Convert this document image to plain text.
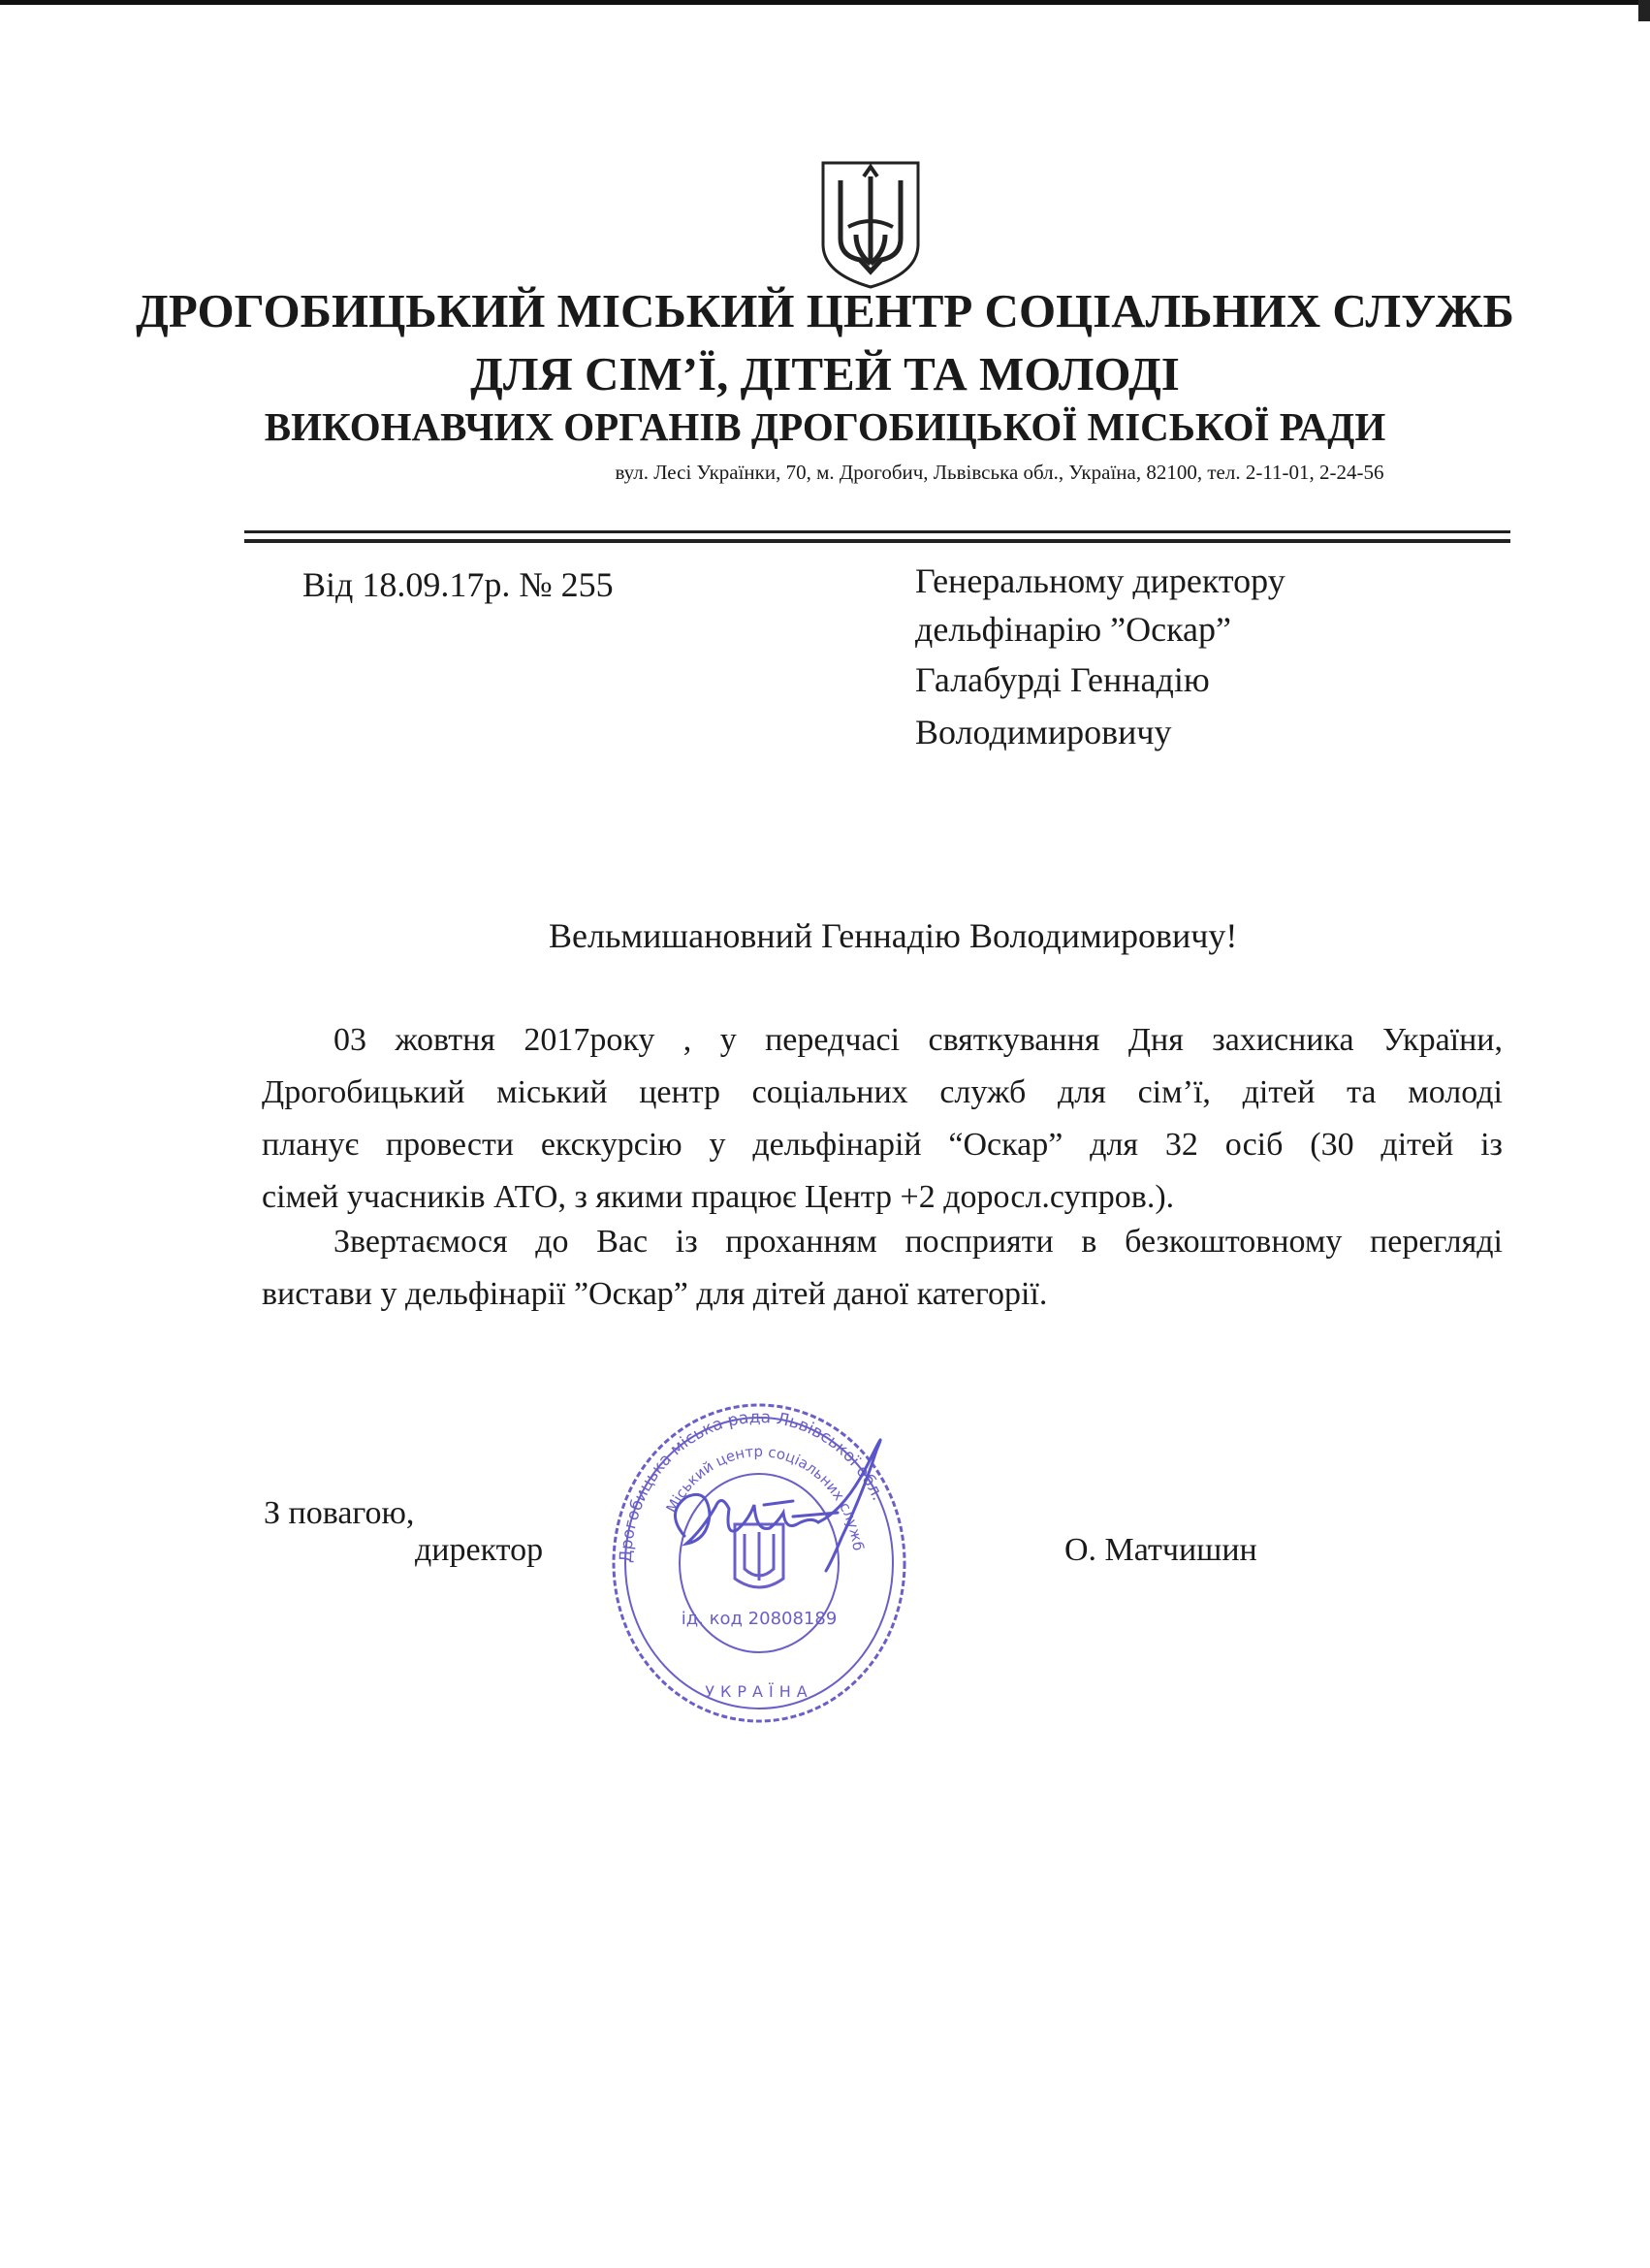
ДРОГОБИЦЬКИЙ МІСЬКИЙ ЦЕНТР СОЦІАЛЬНИХ СЛУЖБ
ДЛЯ СІМ’Ї, ДІТЕЙ ТА МОЛОДІ
ВИКОНАВЧИХ ОРГАНІВ ДРОГОБИЦЬКОЇ МІСЬКОЇ РАДИ
вул. Лесі Українки, 70, м. Дрогобич, Львівська обл., Україна, 82100, тел. 2-11-01, 2-24-56
Від 18.09.17р. № 255	Генеральному директору
дельфінарію ”Оскар”
Галабурді Геннадію
Володимировичу
Вельмишановний Геннадію Володимировичу!
03 жовтня 2017року , у передчасі святкування Дня захисника України,
Дрогобицький міський центр соціальних служб для сім’ї, дітей та молоді
планує провести екскурсію у дельфінарій “Оскар” для 32 осіб (30 дітей із
сімей учасників АТО, з якими працює Центр +2 доросл.супров.).
Звертаємося до Вас із проханням посприяти в безкоштовному перегляді
вистави у дельфінарії ”Оскар” для дітей даної категорії.
З повагою,
директор	О. Матчишин
Дрогобицька міська рада Львівської обл.
Міський центр соціальних служб
ід. код 20808189
УКРАЇНА
